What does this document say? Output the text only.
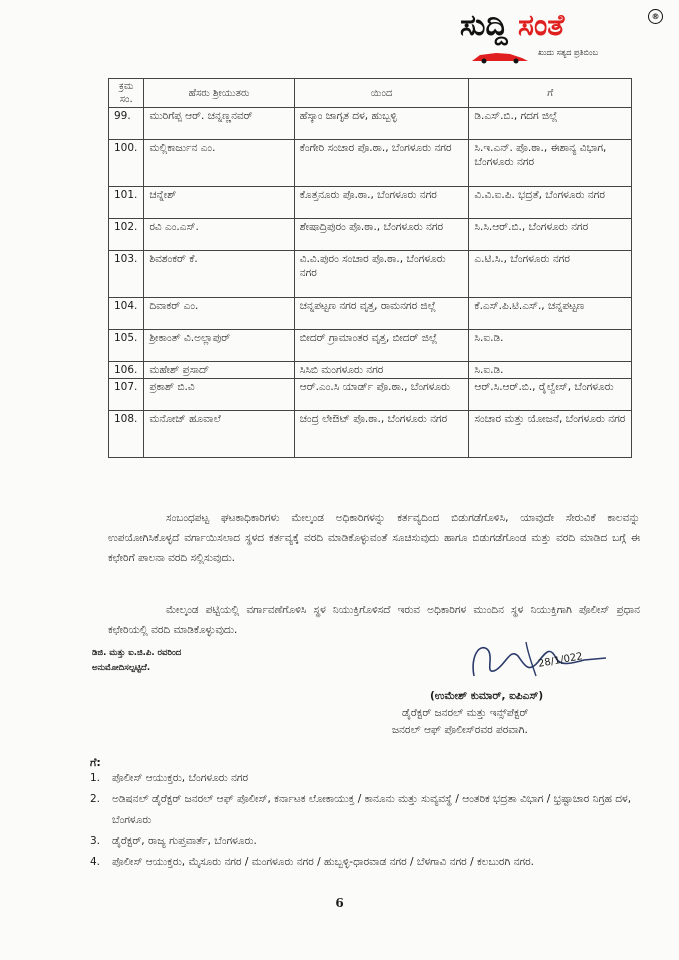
ಸುದ್ದಿ ಸಂತೆ	®
ಖುದು ಸತ್ಯದ ಪ್ರತಿಬಿಂಬ
ಕ್ರಮ ಸಂ.	ಹೆಸರು ಶ್ರೀಯುತರು	ಯಿಂದ	ಗೆ
99.	ಮುರಿಗೆಪ್ಪ ಆರ್. ಚನ್ನಣ್ಣನವರ್	ಹೆಸ್ಕಾಂ ಜಾಗೃತ ದಳ, ಹುಬ್ಬಳ್ಳಿ	ಡಿ.ಎಸ್.ಬಿ., ಗದಗ ಜಿಲ್ಲೆ
100.	ಮಲ್ಲಿಕಾರ್ಜುನ ಎಂ.	ಕೆಂಗೇರಿ ಸಂಚಾರ ಪೊ.ಠಾ., ಬೆಂಗಳೂರು ನಗರ	ಸಿ.ಇ.ಎನ್. ಪೊ.ಠಾ., ಈಶಾನ್ಯ ವಿಭಾಗ, ಬೆಂಗಳೂರು ನಗರ
101.	ಚನ್ನೇಶ್	ಕೊತ್ತನೂರು ಪೊ.ಠಾ., ಬೆಂಗಳೂರು ನಗರ	ವಿ.ವಿ.ಐ.ಪಿ. ಭದ್ರತೆ, ಬೆಂಗಳೂರು ನಗರ
102.	ರವಿ ಎಂ.ಎಸ್.	ಶೇಷಾದ್ರಿಪುರಂ ಪೊ.ಠಾ., ಬೆಂಗಳೂರು ನಗರ	ಸಿ.ಸಿ.ಆರ್.ಬಿ., ಬೆಂಗಳೂರು ನಗರ
103.	ಶಿವಶಂಕರ್ ಕೆ.	ವಿ.ವಿ.ಪುರಂ ಸಂಚಾರ ಪೊ.ಠಾ., ಬೆಂಗಳೂರು ನಗರ	ಎ.ಟಿ.ಸಿ., ಬೆಂಗಳೂರು ನಗರ
104.	ದಿವಾಕರ್ ಎಂ.	ಚನ್ನಪಟ್ಟಣ ನಗರ ವೃತ್ತ, ರಾಮನಗರ ಜಿಲ್ಲೆ	ಕೆ.ಎಸ್.ಪಿ.ಟಿ.ಎಸ್., ಚನ್ನಪಟ್ಟಣ
105.	ಶ್ರೀಕಾಂತ್ ವಿ.ಅಲ್ಲಾಪುರ್	ಬೀದರ್ ಗ್ರಾಮಾಂತರ ವೃತ್ತ, ಬೀದರ್ ಜಿಲ್ಲೆ	ಸಿ.ಐ.ಡಿ.
106.	ಮಹೇಶ್ ಪ್ರಸಾದ್	ಸಿಸಿಬಿ ಮಂಗಳೂರು ನಗರ	ಸಿ.ಐ.ಡಿ.
107.	ಪ್ರಕಾಶ್ ಬಿ.ವಿ	ಆರ್.ಎಂ.ಸಿ ಯಾರ್ಡ್ ಪೊ.ಠಾ., ಬೆಂಗಳೂರು	ಆರ್.ಸಿ.ಆರ್.ಬಿ., ರೈಲ್ವೇಸ್, ಬೆಂಗಳೂರು
108.	ಮನೋಜ್ ಹೂವಾಲೆ	ಚಂದ್ರ ಲೇಔಟ್ ಪೊ.ಠಾ., ಬೆಂಗಳೂರು ನಗರ	ಸಂಚಾರ ಮತ್ತು ಯೋಜನೆ, ಬೆಂಗಳೂರು ನಗರ

ಸಂಬಂಧಪಟ್ಟ ಘಟಕಾಧಿಕಾರಿಗಳು ಮೇಲ್ಕಂಡ ಅಧಿಕಾರಿಗಳನ್ನು ಕರ್ತವ್ಯದಿಂದ ಬಿಡುಗಡೆಗೊಳಿಸಿ, ಯಾವುದೇ ಸೇರುವಿಕೆ ಕಾಲವನ್ನು ಉಪಯೋಗಿಸಿಕೊಳ್ಳದೆ ವರ್ಗಾಯಿಸಲಾದ ಸ್ಥಳದ ಕರ್ತವ್ಯಕ್ಕೆ ವರದಿ ಮಾಡಿಕೊಳ್ಳುವಂತೆ ಸೂಚಿಸುವುದು ಹಾಗೂ ಬಿಡುಗಡೆಗೊಂಡ ಮತ್ತು ವರದಿ ಮಾಡಿದ ಬಗ್ಗೆ ಈ ಕಛೇರಿಗೆ ಪಾಲನಾ ವರದಿ ಸಲ್ಲಿಸುವುದು.

ಮೇಲ್ಕಂಡ ಪಟ್ಟಿಯಲ್ಲಿ ವರ್ಗಾವಣೆಗೊಳಿಸಿ ಸ್ಥಳ ನಿಯುಕ್ತಿಗೊಳಿಸದೆ ಇರುವ ಅಧಿಕಾರಿಗಳ ಮುಂದಿನ ಸ್ಥಳ ನಿಯುಕ್ತಿಗಾಗಿ ಪೊಲೀಸ್ ಪ್ರಧಾನ ಕಛೇರಿಯಲ್ಲಿ ವರದಿ ಮಾಡಿಕೊಳ್ಳುವುದು.

ಡಿಜಿ. ಮತ್ತು ಐ.ಜಿ.ಪಿ. ರವರಿಂದ
ಅನುಮೋದಿಸಲ್ಪಟ್ಟಿದೆ.	28/1/022
(ಉಮೇಶ್ ಕುಮಾರ್, ಐಪಿಎಸ್)
ಡೈರೆಕ್ಟರ್ ಜನರಲ್ ಮತ್ತು ಇನ್ಸ್‌ಪೆಕ್ಟರ್
ಜನರಲ್ ಆಫ್ ಪೊಲೀಸ್‌ರವರ ಪರವಾಗಿ.
ಗೆ:
1. ಪೊಲೀಸ್ ಆಯುಕ್ತರು, ಬೆಂಗಳೂರು ನಗರ
2. ಅಡಿಷನಲ್ ಡೈರೆಕ್ಟರ್ ಜನರಲ್ ಆಫ್ ಪೊಲೀಸ್, ಕರ್ನಾಟಕ ಲೋಕಾಯುಕ್ತ / ಕಾನೂನು ಮತ್ತು ಸುವ್ಯವಸ್ಥೆ / ಆಂತರಿಕ ಭದ್ರತಾ ವಿಭಾಗ / ಭ್ರಷ್ಟಾಚಾರ ನಿಗ್ರಹ ದಳ, ಬೆಂಗಳೂರು
3. ಡೈರೆಕ್ಟರ್, ರಾಜ್ಯ ಗುಪ್ತವಾರ್ತೆ, ಬೆಂಗಳೂರು.
4. ಪೊಲೀಸ್ ಆಯುಕ್ತರು, ಮೈಸೂರು ನಗರ / ಮಂಗಳೂರು ನಗರ / ಹುಬ್ಬಳ್ಳಿ-ಧಾರವಾಡ ನಗರ / ಬೆಳಗಾವಿ ನಗರ / ಕಲಬುರಗಿ ನಗರ.
6
